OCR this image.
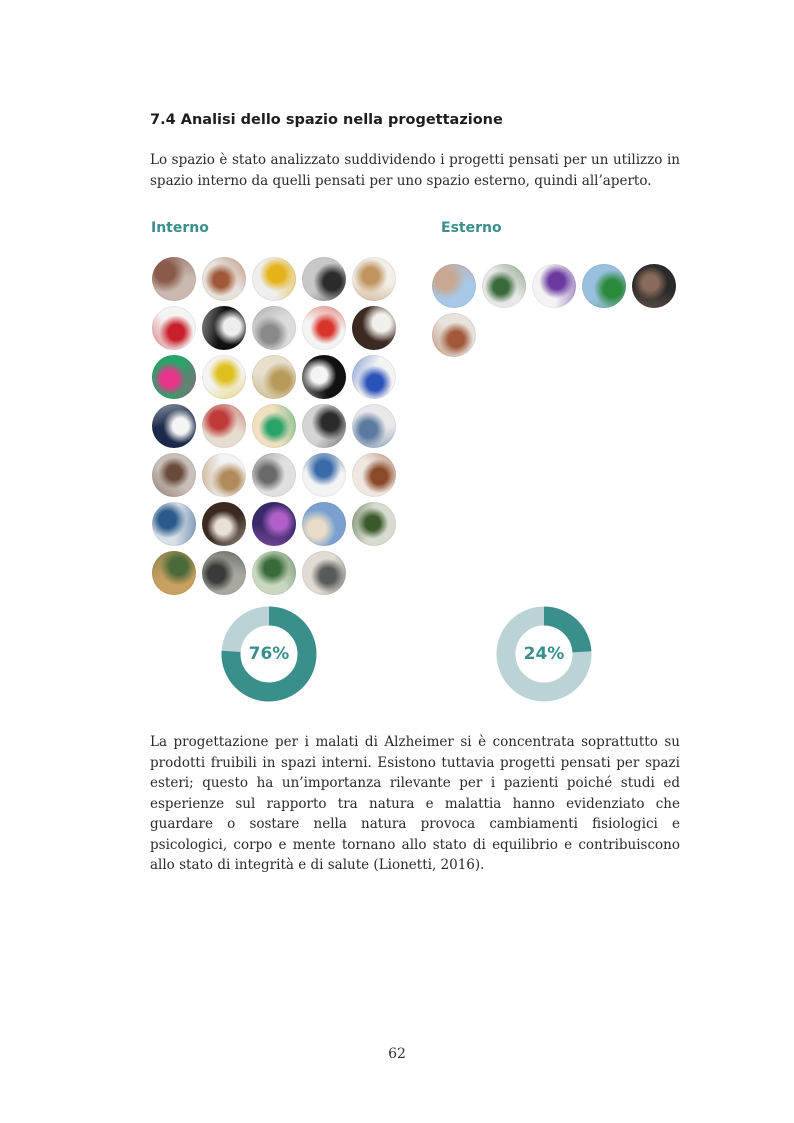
7.4 Analisi dello spazio nella progettazione
Lo spazio è stato analizzato suddividendo i progetti pensati per un utilizzo in spazio interno da quelli pensati per uno spazio esterno, quindi all’aperto.
Interno	Esterno
76%	24%
La progettazione per i malati di Alzheimer si è concentrata soprattutto su prodotti fruibili in spazi interni. Esistono tuttavia progetti pensati per spazi esteri; questo ha un’importanza rilevante per i pazienti poiché studi ed esperienze sul rapporto tra natura e malattia hanno evidenziato che guardare o sostare nella natura provoca cambiamenti fisiologici e psicologici, corpo e mente tornano allo stato di equilibrio e contribuiscono allo stato di integrità e di salute (Lionetti, 2016).
62
